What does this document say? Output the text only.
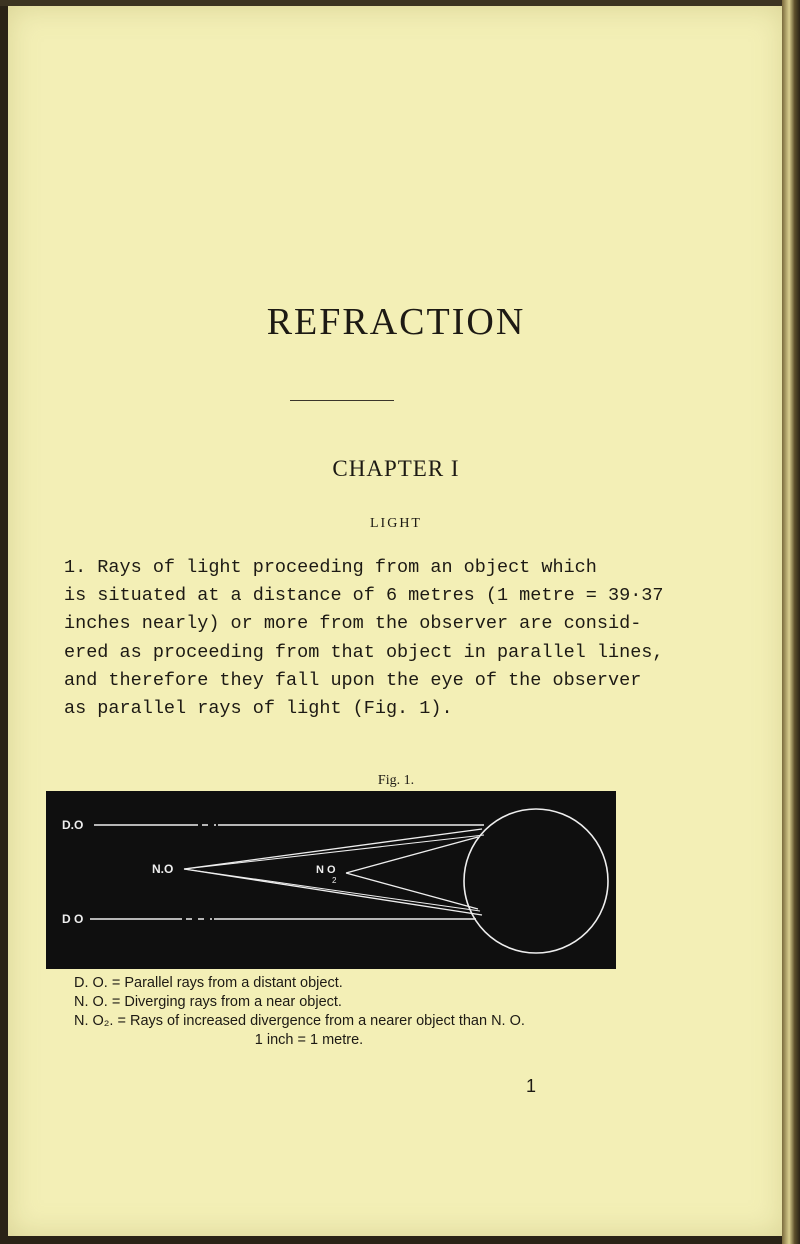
REFRACTION
CHAPTER I
LIGHT
1. Rays of light proceeding from an object which
is situated at a distance of 6 metres (1 metre = 39·37
inches nearly) or more from the observer are consid-
ered as proceeding from that object in parallel lines,
and therefore they fall upon the eye of the observer
as parallel rays of light (Fig. 1).
Fig. 1.
D.O
N.O	N O
2
D O
D. O. = Parallel rays from a distant object.
N. O. = Diverging rays from a near object.
N. O₂. = Rays of increased divergence from a nearer object than N. O.
1 inch = 1 metre.
1
